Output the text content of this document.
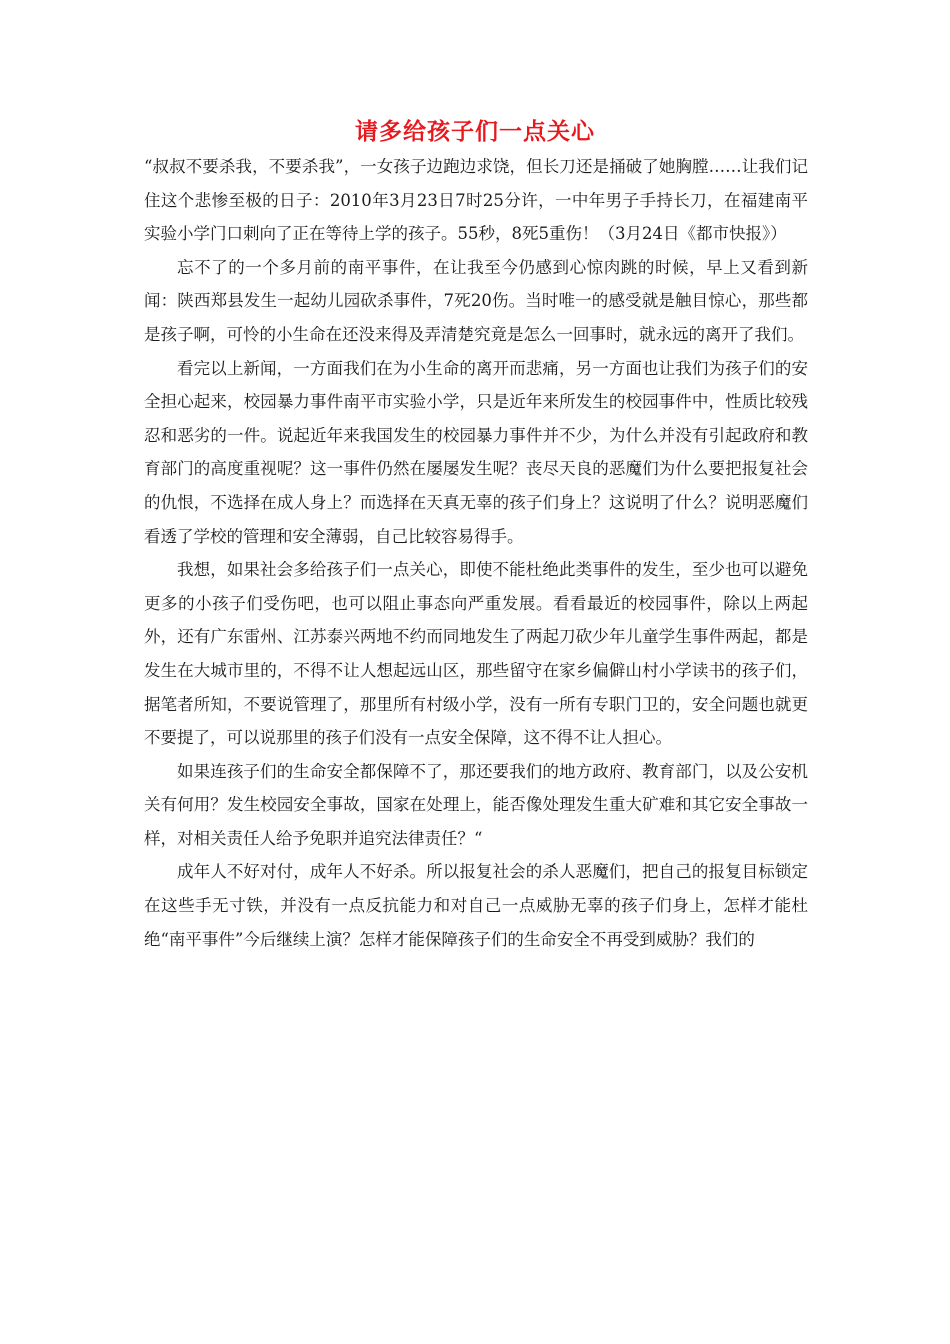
请多给孩子们一点关心

“叔叔不要杀我，不要杀我”，一女孩子边跑边求饶，但长刀还是捅破了她胸膛……让我们记住这个悲惨至极的日子：2010年3月23日7时25分许，一中年男子手持长刀，在福建南平实验小学门口刺向了正在等待上学的孩子。55秒，8死5重伤！（3月24日《都市快报》）

忘不了的一个多月前的南平事件，在让我至今仍感到心惊肉跳的时候，早上又看到新闻：陕西郑县发生一起幼儿园砍杀事件，7死20伤。当时唯一的感受就是触目惊心，那些都是孩子啊，可怜的小生命在还没来得及弄清楚究竟是怎么一回事时，就永远的离开了我们。

看完以上新闻，一方面我们在为小生命的离开而悲痛，另一方面也让我们为孩子们的安全担心起来，校园暴力事件南平市实验小学，只是近年来所发生的校园事件中，性质比较残忍和恶劣的一件。说起近年来我国发生的校园暴力事件并不少，为什么并没有引起政府和教育部门的高度重视呢？这一事件仍然在屡屡发生呢？丧尽天良的恶魔们为什么要把报复社会的仇恨，不选择在成人身上？而选择在天真无辜的孩子们身上？这说明了什么？说明恶魔们看透了学校的管理和安全薄弱，自己比较容易得手。

我想，如果社会多给孩子们一点关心，即使不能杜绝此类事件的发生，至少也可以避免更多的小孩子们受伤吧，也可以阻止事态向严重发展。看看最近的校园事件，除以上两起外，还有广东雷州、江苏泰兴两地不约而同地发生了两起刀砍少年儿童学生事件两起，都是发生在大城市里的，不得不让人想起远山区，那些留守在家乡偏僻山村小学读书的孩子们，据笔者所知，不要说管理了，那里所有村级小学，没有一所有专职门卫的，安全问题也就更不要提了，可以说那里的孩子们没有一点安全保障，这不得不让人担心。

如果连孩子们的生命安全都保障不了，那还要我们的地方政府、教育部门，以及公安机关有何用？发生校园安全事故，国家在处理上，能否像处理发生重大矿难和其它安全事故一样，对相关责任人给予免职并追究法律责任？“

成年人不好对付，成年人不好杀。所以报复社会的杀人恶魔们，把自己的报复目标锁定在这些手无寸铁，并没有一点反抗能力和对自己一点威胁无辜的孩子们身上，怎样才能杜绝“南平事件”今后继续上演？怎样才能保障孩子们的生命安全不再受到威胁？我们的
